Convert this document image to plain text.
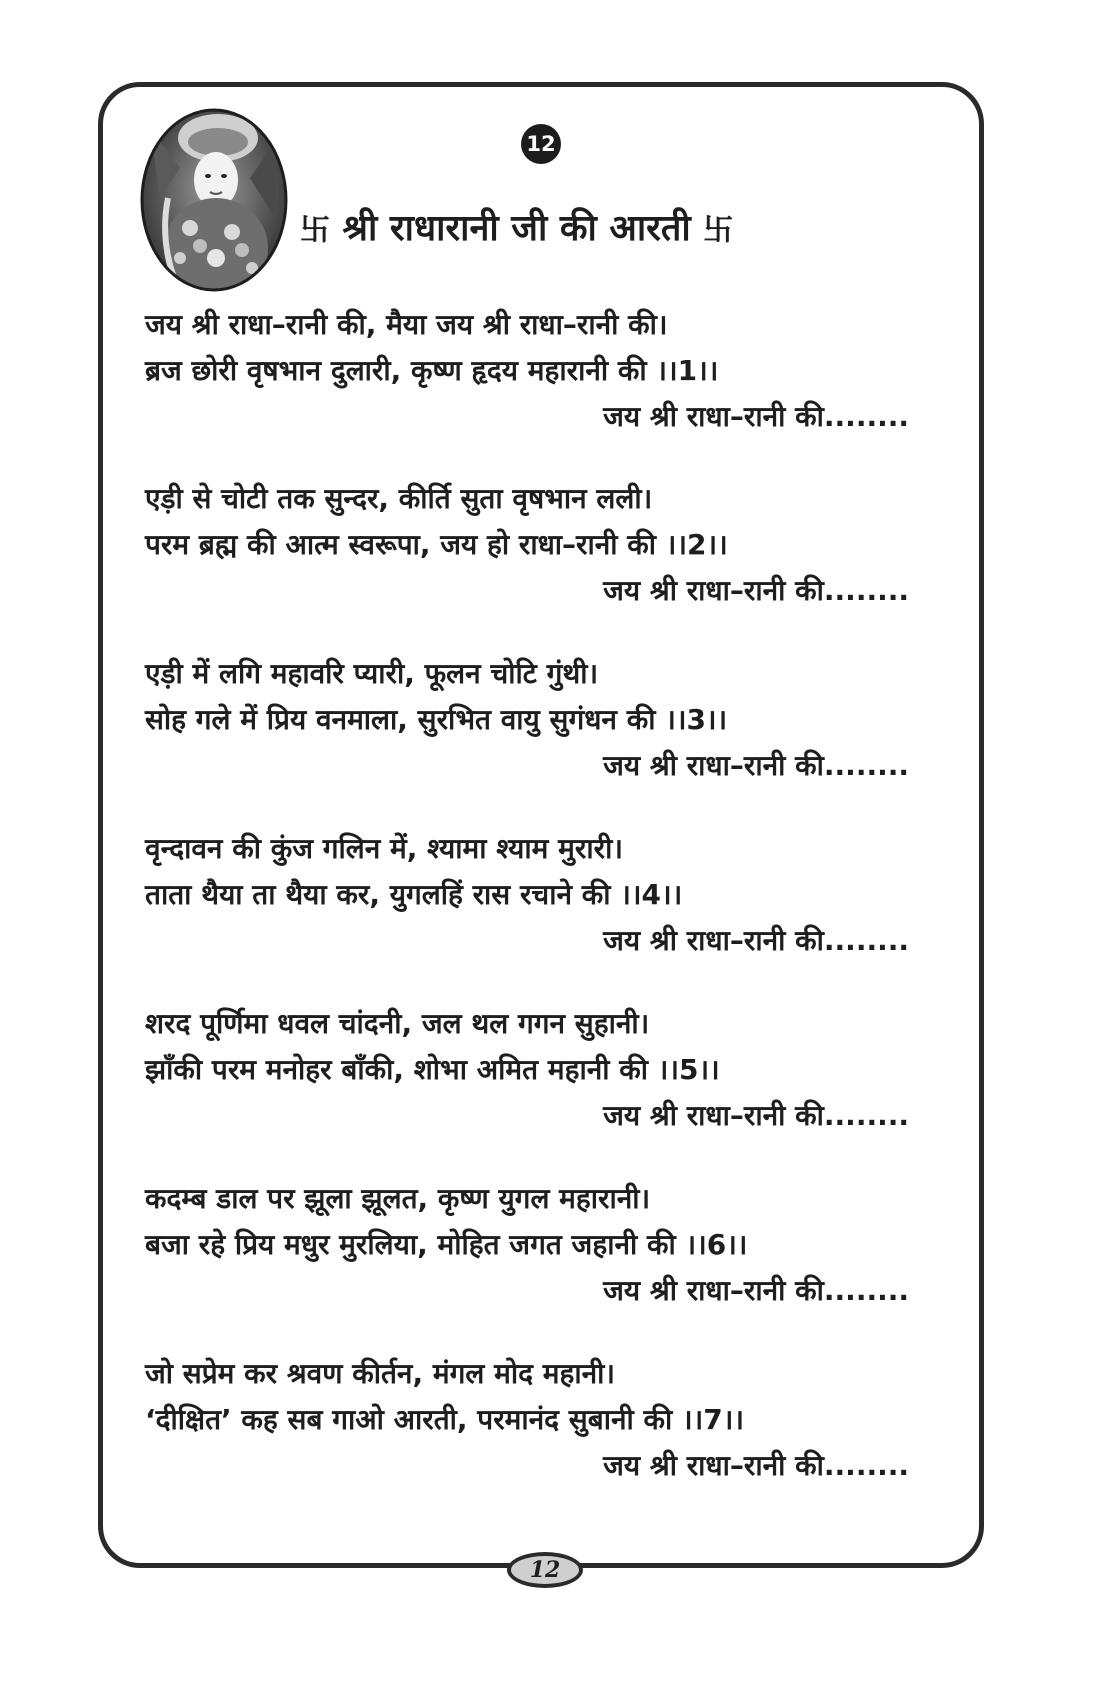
12
卐 श्री राधारानी जी की आरती 卐
जय श्री राधा–रानी की, मैया जय श्री राधा–रानी की।
ब्रज छोरी वृषभान दुलारी, कृष्ण हृदय महारानी की ।।1।।
जय श्री राधा–रानी की........
एड़ी से चोटी तक सुन्दर, कीर्ति सुता वृषभान लली।
परम ब्रह्म की आत्म स्वरूपा, जय हो राधा–रानी की ।।2।।
जय श्री राधा–रानी की........
एड़ी में लगि महावरि प्यारी, फूलन चोटि गुंथी।
सोह गले में प्रिय वनमाला, सुरभित वायु सुगंधन की ।।3।।
जय श्री राधा–रानी की........
वृन्दावन की कुंज गलिन में, श्यामा श्याम मुरारी।
ताता थैया ता थैया कर, युगलहिं रास रचाने की ।।4।।
जय श्री राधा–रानी की........
शरद पूर्णिमा धवल चांदनी, जल थल गगन सुहानी।
झाँकी परम मनोहर बाँकी, शोभा अमित महानी की ।।5।।
जय श्री राधा–रानी की........
कदम्ब डाल पर झूला झूलत, कृष्ण युगल महारानी।
बजा रहे प्रिय मधुर मुरलिया, मोहित जगत जहानी की ।।6।।
जय श्री राधा–रानी की........
जो सप्रेम कर श्रवण कीर्तन, मंगल मोद महानी।
‘दीक्षित’ कह सब गाओ आरती, परमानंद सुबानी की ।।7।।
जय श्री राधा–रानी की........
12
